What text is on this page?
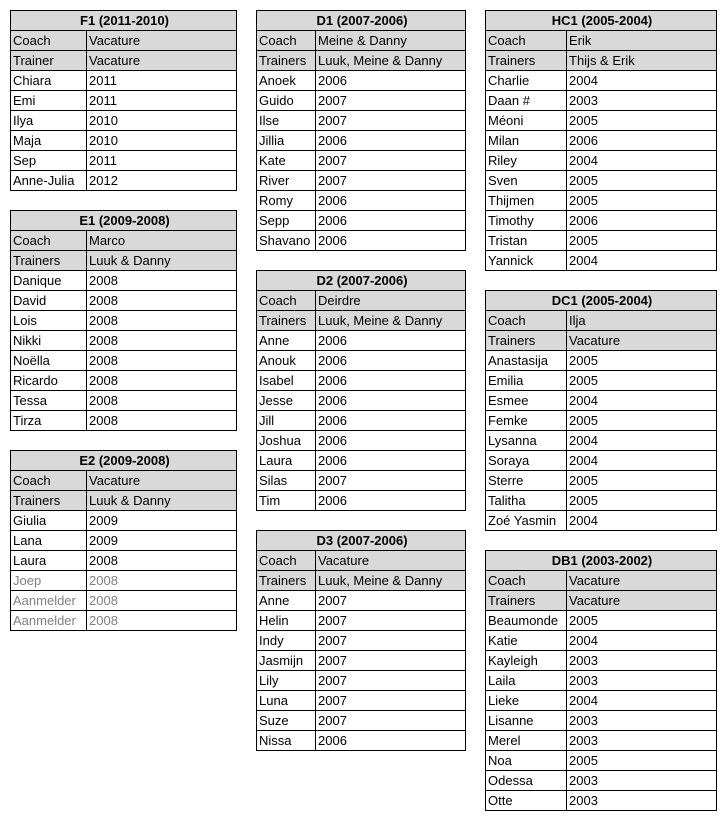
F1 (2011-2010)	
Coach	Vacature
Trainer	Vacature
Chiara	2011
Emi	2011
Ilya	2010
Maja	2010
Sep	2011
Anne-Julia	2012
E1 (2009-2008)	
Coach	Marco
Trainers	Luuk & Danny
Danique	2008
David	2008
Lois	2008
Nikki	2008
Noëlla	2008
Ricardo	2008
Tessa	2008
Tirza	2008
E2 (2009-2008)	
Coach	Vacature
Trainers	Luuk & Danny
Giulia	2009
Lana	2009
Laura	2008
Joep	2008
Aanmelder	2008
Aanmelder	2008
D1 (2007-2006)	
Coach	Meine & Danny
Trainers	Luuk, Meine & Danny
Anoek	2006
Guido	2007
Ilse	2007
Jillia	2006
Kate	2007
River	2007
Romy	2006
Sepp	2006
Shavano	2006
D2 (2007-2006)	
Coach	Deirdre
Trainers	Luuk, Meine & Danny
Anne	2006
Anouk	2006
Isabel	2006
Jesse	2006
Jill	2006
Joshua	2006
Laura	2006
Silas	2007
Tim	2006
D3 (2007-2006)	
Coach	Vacature
Trainers	Luuk, Meine & Danny
Anne	2007
Helin	2007
Indy	2007
Jasmijn	2007
Lily	2007
Luna	2007
Suze	2007
Nissa	2006
HC1 (2005-2004)	
Coach	Erik
Trainers	Thijs & Erik
Charlie	2004
Daan #	2003
Méoni	2005
Milan	2006
Riley	2004
Sven	2005
Thijmen	2005
Timothy	2006
Tristan	2005
Yannick	2004
DC1 (2005-2004)	
Coach	Ilja
Trainers	Vacature
Anastasija	2005
Emilia	2005
Esmee	2004
Femke	2005
Lysanna	2004
Soraya	2004
Sterre	2005
Talitha	2005
Zoé Yasmin	2004
DB1 (2003-2002)	
Coach	Vacature
Trainers	Vacature
Beaumonde	2005
Katie	2004
Kayleigh	2003
Laila	2003
Lieke	2004
Lisanne	2003
Merel	2003
Noa	2005
Odessa	2003
Otte	2003
